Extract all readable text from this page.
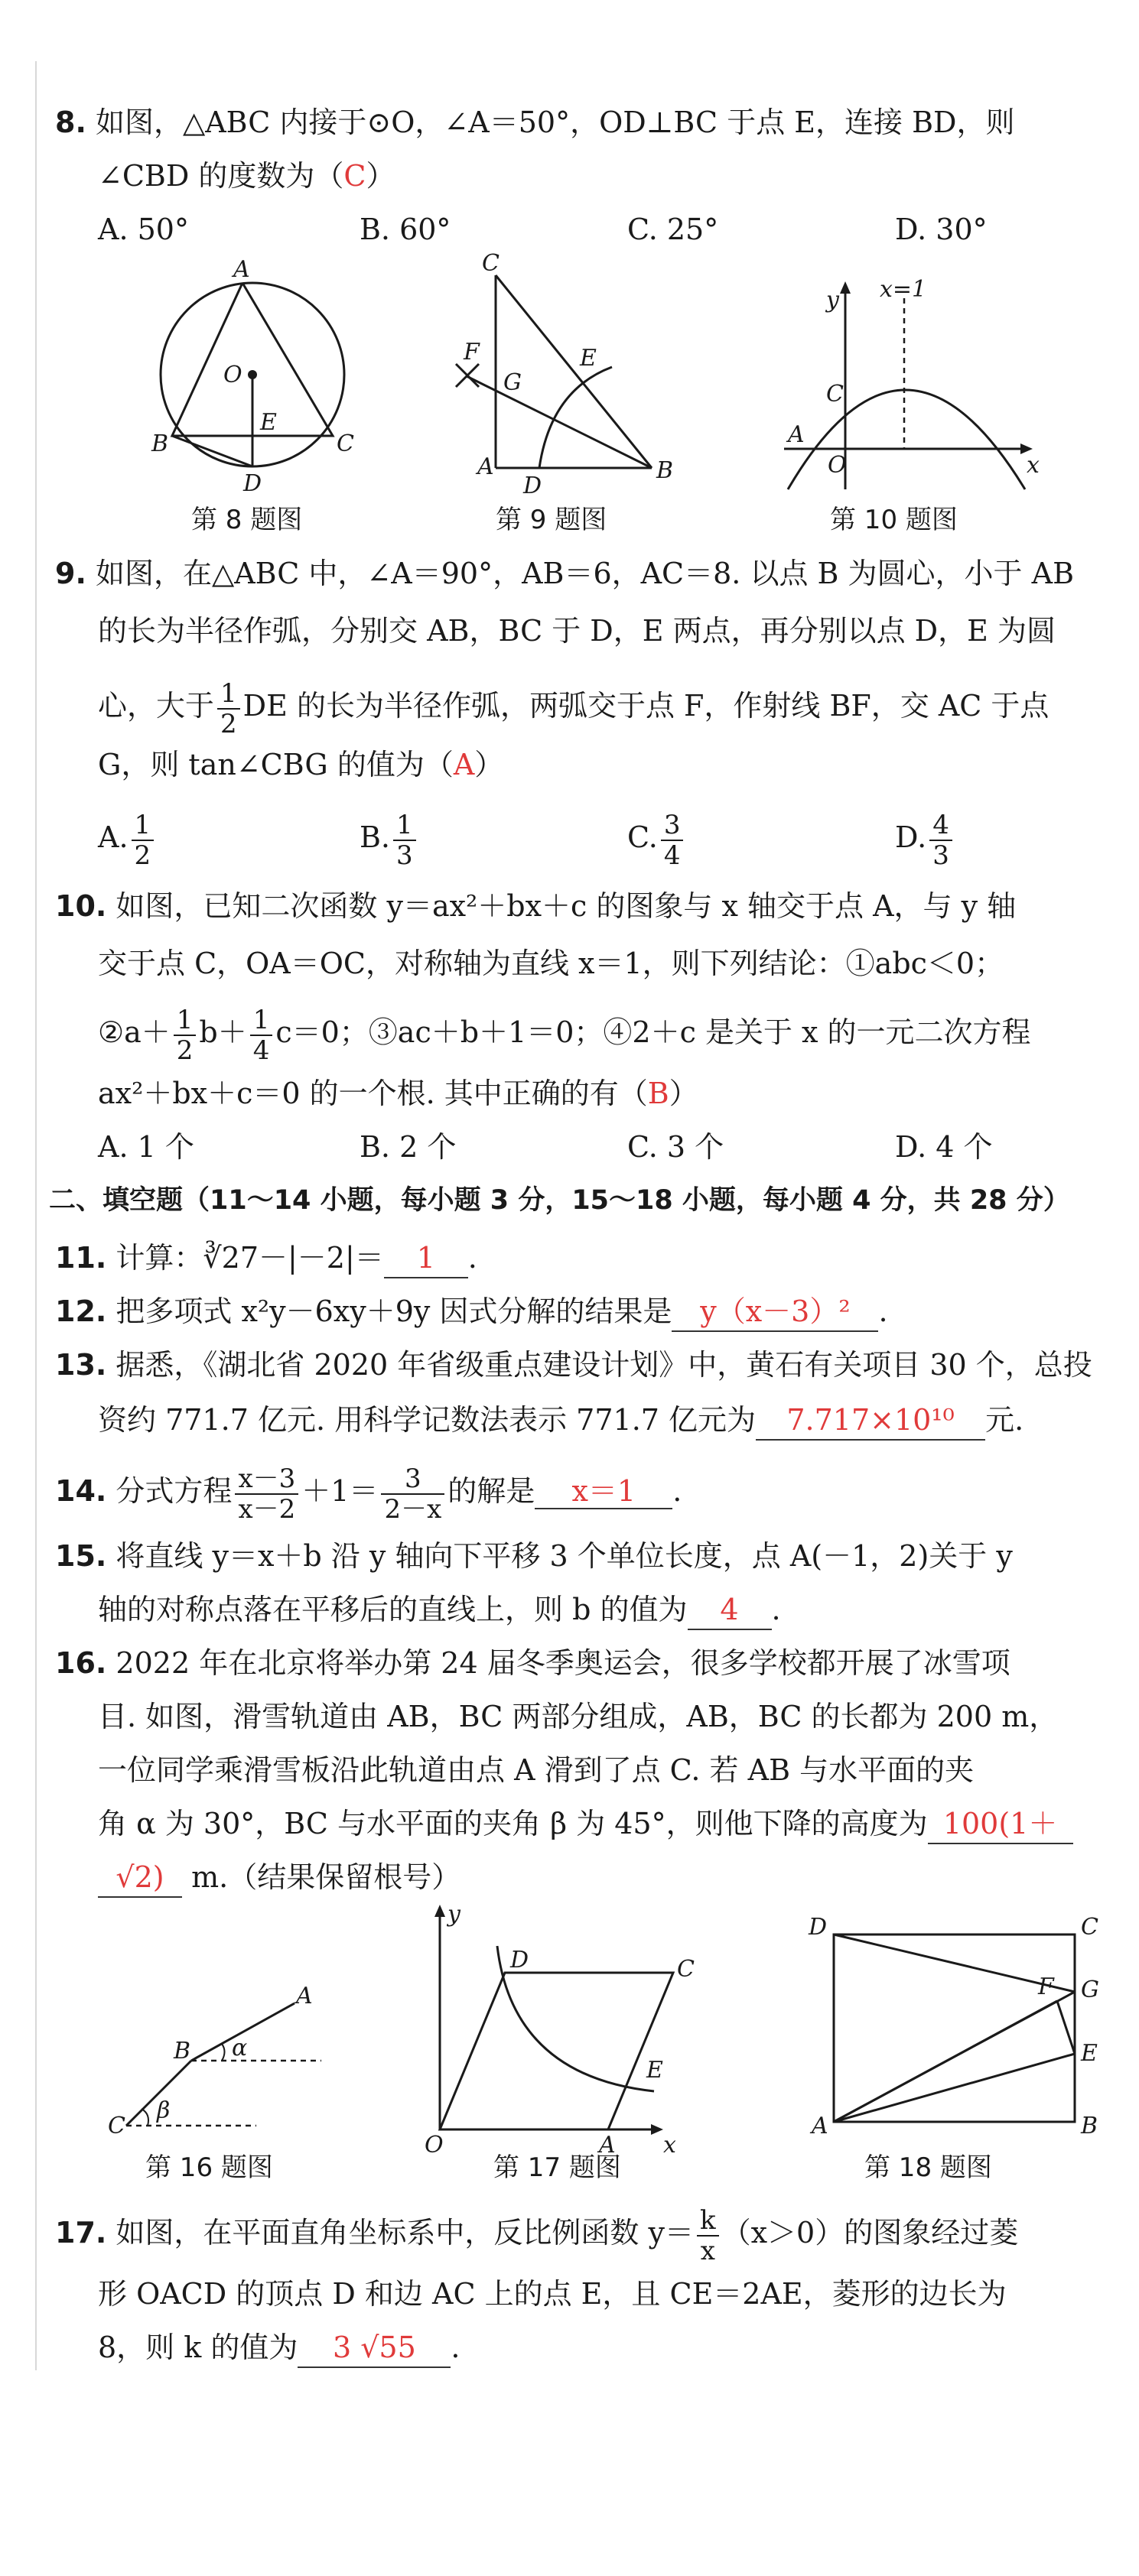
8. 如图，△ABC 内接于⊙O，∠A＝50°，OD⊥BC 于点 E，连接 BD，则
∠CBD 的度数为（C）
A. 50°	B. 60°	C. 25°	D. 30°
A
O
B	C
E
D
第 8 题图
C
F
G
E
A
D
B
第 9 题图
y x=1
C
A
O	x
第 10 题图
9. 如图，在△ABC 中，∠A＝90°，AB＝6，AC＝8. 以点 B 为圆心，小于 AB
的长为半径作弧，分别交 AB，BC 于 D，E 两点，再分别以点 D，E 为圆
心，大于 $\frac{1}{2}$ DE 的长为半径作弧，两弧交于点 F，作射线 BF，交 AC 于点
G，则 tan∠CBG 的值为（A）
A. $\frac{1}{2}$	B. $\frac{1}{3}$	C. $\frac{3}{4}$	D. $\frac{4}{3}$
10. 如图，已知二次函数 y＝ax²＋bx＋c 的图象与 x 轴交于点 A，与 y 轴
交于点 C，OA＝OC，对称轴为直线 x＝1，则下列结论：①abc＜0；
②a＋ $\frac{1}{2} b+ \frac{1}{4} c=0$；③ac＋b＋1＝0；④2＋c 是关于 x 的一元二次方程
ax²＋bx＋c＝0 的一个根. 其中正确的有（B）
A. 1 个	B. 2 个	C. 3 个	D. 4 个
二、填空题（11～14 小题，每小题 3 分，15～18 小题，每小题 4 分，共 28 分）
11. 计算：∛27－|－2|＝ 1 .
12. 把多项式 x²y－6xy＋9y 因式分解的结果是 y（x－3）² .
13. 据悉，《湖北省 2020 年省级重点建设计划》中，黄石有关项目 30 个，总投
资约 771.7 亿元. 用科学记数法表示 771.7 亿元为 7.717×10¹⁰ 元.
14. 分式方程 $\frac{x-3}{x-2} +1= \frac{3}{2-x}$ 的解是 x＝1 .
15. 将直线 y＝x＋b 沿 y 轴向下平移 3 个单位长度，点 A(－1，2)关于 y
轴的对称点落在平移后的直线上，则 b 的值为 4 .
16. 2022 年在北京将举办第 24 届冬季奥运会，很多学校都开展了冰雪项
目. 如图，滑雪轨道由 AB，BC 两部分组成，AB，BC 的长都为 200 m，
一位同学乘滑雪板沿此轨道由点 A 滑到了点 C. 若 AB 与水平面的夹
角 α 为 30°，BC 与水平面的夹角 β 为 45°，则他下降的高度为 100(1＋
√2) m.（结果保留根号）
A
B α
β
C
第 16 题图
y
D	C
E
O	A x
第 17 题图
D	C
F G
E
A	B
第 18 题图
17. 如图，在平面直角坐标系中，反比例函数 $y= \frac{k}{x} (x>0)$的图象经过菱
形 OACD 的顶点 D 和边 AC 上的点 E，且 CE＝2AE，菱形的边长为
8，则 k 的值为 3 √55 .
